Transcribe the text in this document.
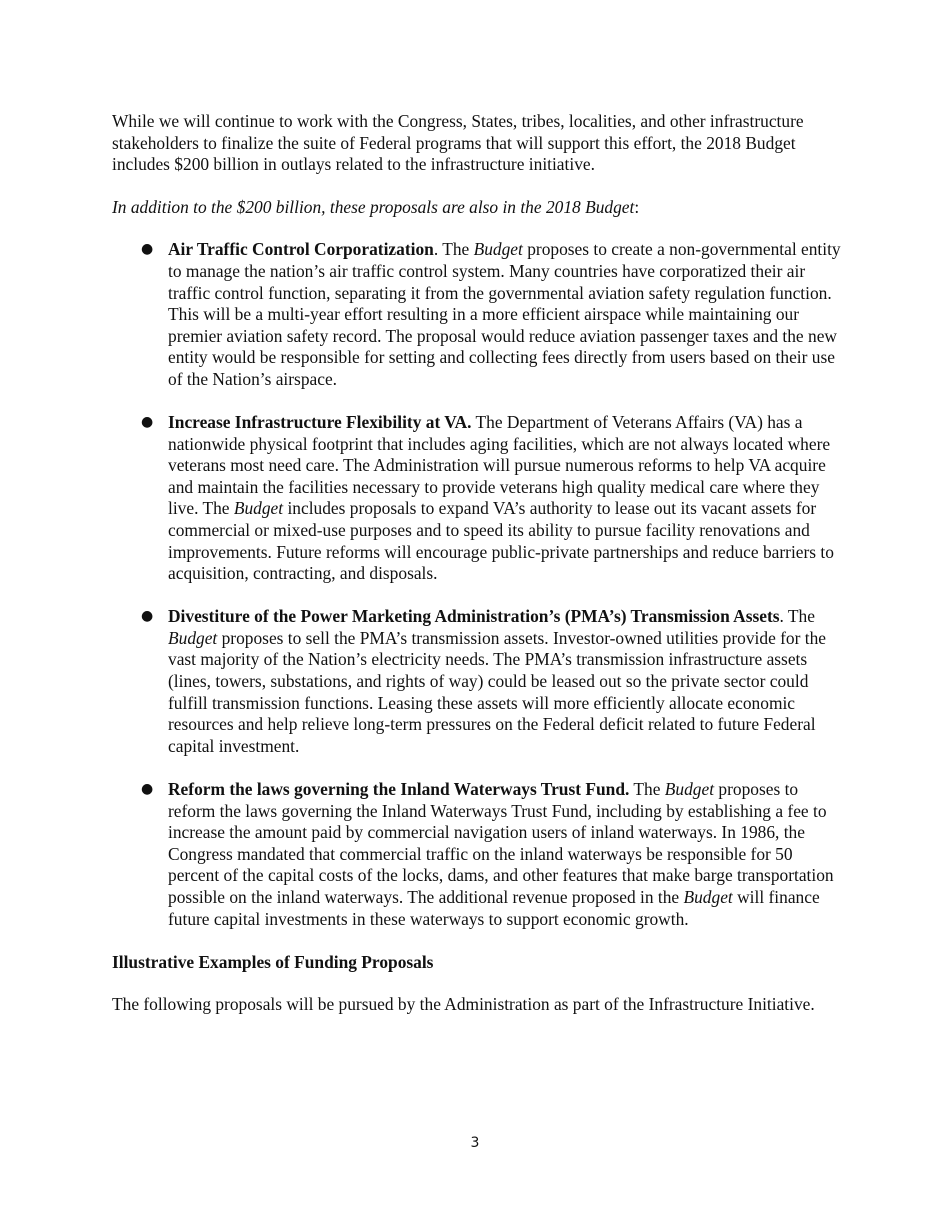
While we will continue to work with the Congress, States, tribes, localities, and other infrastructure stakeholders to finalize the suite of Federal programs that will support this effort, the 2018 Budget includes $200 billion in outlays related to the infrastructure initiative.

In addition to the $200 billion, these proposals are also in the 2018 Budget:

● Air Traffic Control Corporatization. The Budget proposes to create a non-governmental entity to manage the nation’s air traffic control system. Many countries have corporatized their air traffic control function, separating it from the governmental aviation safety regulation function. This will be a multi-year effort resulting in a more efficient airspace while maintaining our premier aviation safety record. The proposal would reduce aviation passenger taxes and the new entity would be responsible for setting and collecting fees directly from users based on their use of the Nation’s airspace.
● Increase Infrastructure Flexibility at VA. The Department of Veterans Affairs (VA) has a nationwide physical footprint that includes aging facilities, which are not always located where veterans most need care. The Administration will pursue numerous reforms to help VA acquire and maintain the facilities necessary to provide veterans high quality medical care where they live. The Budget includes proposals to expand VA’s authority to lease out its vacant assets for commercial or mixed-use purposes and to speed its ability to pursue facility renovations and improvements. Future reforms will encourage public-private partnerships and reduce barriers to acquisition, contracting, and disposals.
● Divestiture of the Power Marketing Administration’s (PMA’s) Transmission Assets. The Budget proposes to sell the PMA’s transmission assets. Investor-owned utilities provide for the vast majority of the Nation’s electricity needs. The PMA’s transmission infrastructure assets (lines, towers, substations, and rights of way) could be leased out so the private sector could fulfill transmission functions. Leasing these assets will more efficiently allocate economic resources and help relieve long-term pressures on the Federal deficit related to future Federal capital investment.
● Reform the laws governing the Inland Waterways Trust Fund. The Budget proposes to reform the laws governing the Inland Waterways Trust Fund, including by establishing a fee to increase the amount paid by commercial navigation users of inland waterways. In 1986, the Congress mandated that commercial traffic on the inland waterways be responsible for 50 percent of the capital costs of the locks, dams, and other features that make barge transportation possible on the inland waterways. The additional revenue proposed in the Budget will finance future capital investments in these waterways to support economic growth.

Illustrative Examples of Funding Proposals

The following proposals will be pursued by the Administration as part of the Infrastructure Initiative.

3
